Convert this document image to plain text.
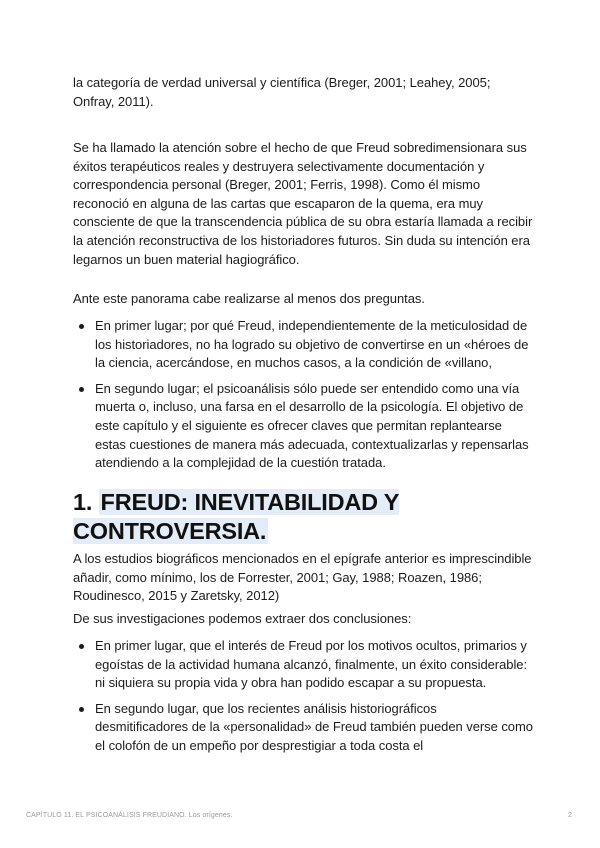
la categoría de verdad universal y científica (Breger, 2001; Leahey, 2005; Onfray, 2011).

Se ha llamado la atención sobre el hecho de que Freud sobredimensionara sus éxitos terapéuticos reales y destruyera selectivamente documentación y correspondencia personal (Breger, 2001; Ferris, 1998). Como él mismo reconoció en alguna de las cartas que escaparon de la quema, era muy consciente de que la transcendencia pública de su obra estaría llamada a recibir la atención reconstructiva de los historiadores futuros. Sin duda su intención era legarnos un buen material hagiográfico.

Ante este panorama cabe realizarse al menos dos preguntas.

En primer lugar; por qué Freud, independientemente de la meticulosidad de los historiadores, no ha logrado su objetivo de convertirse en un «héroes de la ciencia, acercándose, en muchos casos, a la condición de «villano,
En segundo lugar; el psicoanálisis sólo puede ser entendido como una vía muerta o, incluso, una farsa en el desarrollo de la psicología. El objetivo de este capítulo y el siguiente es ofrecer claves que permitan replantearse estas cuestiones de manera más adecuada, contextualizarlas y repensarlas atendiendo a la complejidad de la cuestión tratada.
1. FREUD: INEVITABILIDAD Y CONTROVERSIA.

A los estudios biográficos mencionados en el epígrafe anterior es imprescindible añadir, como mínimo, los de Forrester, 2001; Gay, 1988; Roazen, 1986; Roudinesco, 2015 y Zaretsky, 2012)

De sus investigaciones podemos extraer dos conclusiones:

En primer lugar, que el interés de Freud por los motivos ocultos, primarios y egoístas de la actividad humana alcanzó, finalmente, un éxito considerable: ni siquiera su propia vida y obra han podido escapar a su propuesta.
En segundo lugar, que los recientes análisis historiográficos desmitificadores de la «personalidad» de Freud también pueden verse como el colofón de un empeño por desprestigiar a toda costa el
CAPÍTULO 11. EL PSICOANÁLISIS FREUDIANO. Los orígenes.	2
